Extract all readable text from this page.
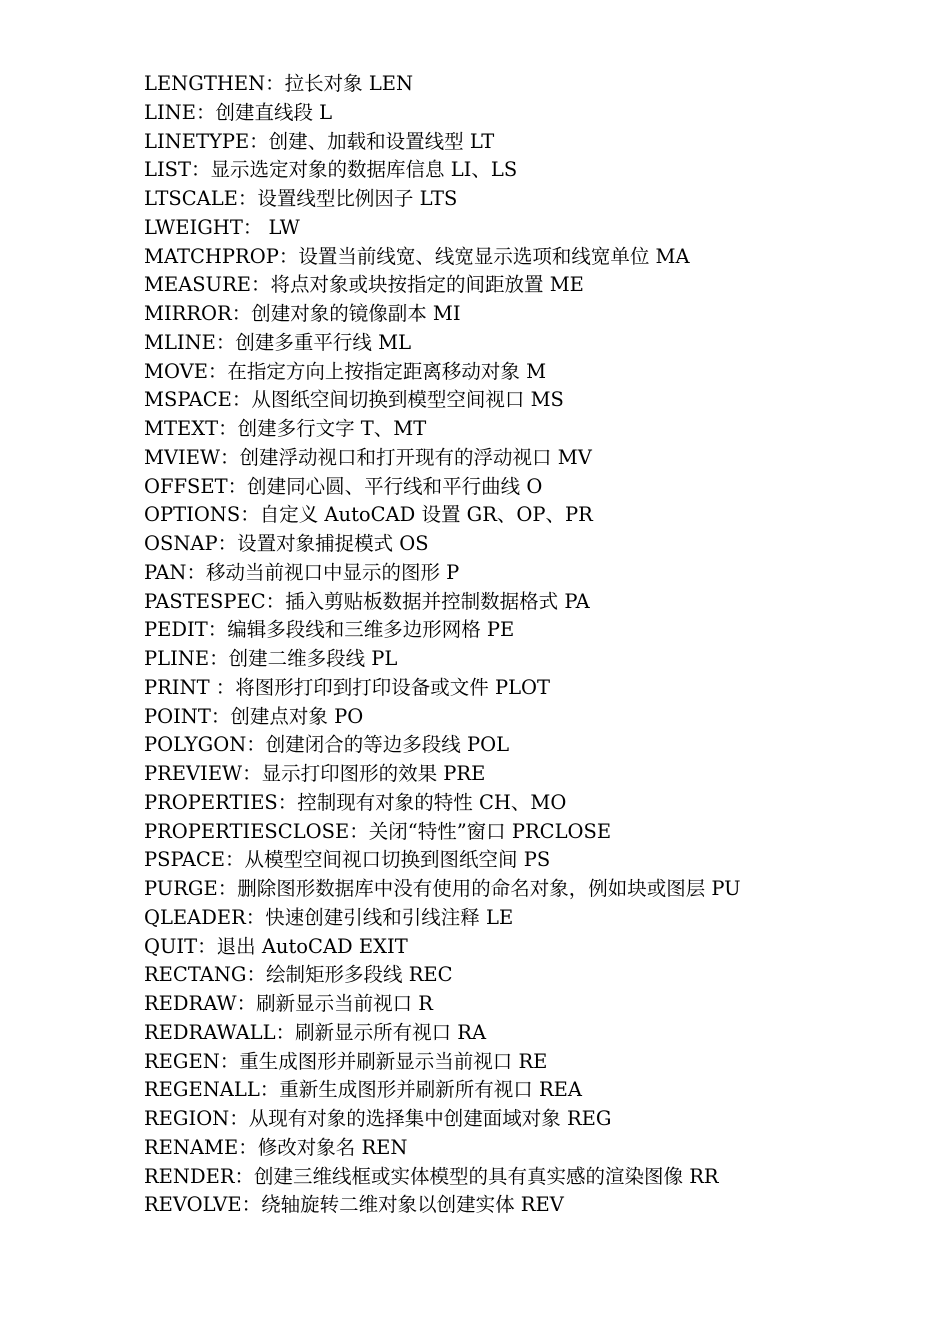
LENGTHEN：拉长对象 LEN
LINE：创建直线段 L
LINETYPE：创建、加载和设置线型 LT
LIST：显示选定对象的数据库信息 LI、LS
LTSCALE：设置线型比例因子 LTS
LWEIGHT： LW
MATCHPROP：设置当前线宽、线宽显示选项和线宽单位 MA
MEASURE：将点对象或块按指定的间距放置 ME
MIRROR：创建对象的镜像副本 MI
MLINE：创建多重平行线 ML
MOVE：在指定方向上按指定距离移动对象 M
MSPACE：从图纸空间切换到模型空间视口 MS
MTEXT：创建多行文字 T、MT
MVIEW：创建浮动视口和打开现有的浮动视口 MV
OFFSET：创建同心圆、平行线和平行曲线 O
OPTIONS：自定义 AutoCAD 设置 GR、OP、PR
OSNAP：设置对象捕捉模式 OS
PAN：移动当前视口中显示的图形 P
PASTESPEC：插入剪贴板数据并控制数据格式 PA
PEDIT：编辑多段线和三维多边形网格 PE
PLINE：创建二维多段线 PL
PRINT ：将图形打印到打印设备或文件 PLOT
POINT：创建点对象 PO
POLYGON：创建闭合的等边多段线 POL
PREVIEW：显示打印图形的效果 PRE
PROPERTIES：控制现有对象的特性 CH、MO
PROPERTIESCLOSE：关闭“特性”窗口 PRCLOSE
PSPACE：从模型空间视口切换到图纸空间 PS
PURGE：删除图形数据库中没有使用的命名对象，例如块或图层 PU
QLEADER：快速创建引线和引线注释 LE
QUIT：退出 AutoCAD EXIT
RECTANG：绘制矩形多段线 REC
REDRAW：刷新显示当前视口 R
REDRAWALL：刷新显示所有视口 RA
REGEN：重生成图形并刷新显示当前视口 RE
REGENALL：重新生成图形并刷新所有视口 REA
REGION：从现有对象的选择集中创建面域对象 REG
RENAME：修改对象名 REN
RENDER：创建三维线框或实体模型的具有真实感的渲染图像 RR
REVOLVE：绕轴旋转二维对象以创建实体 REV
